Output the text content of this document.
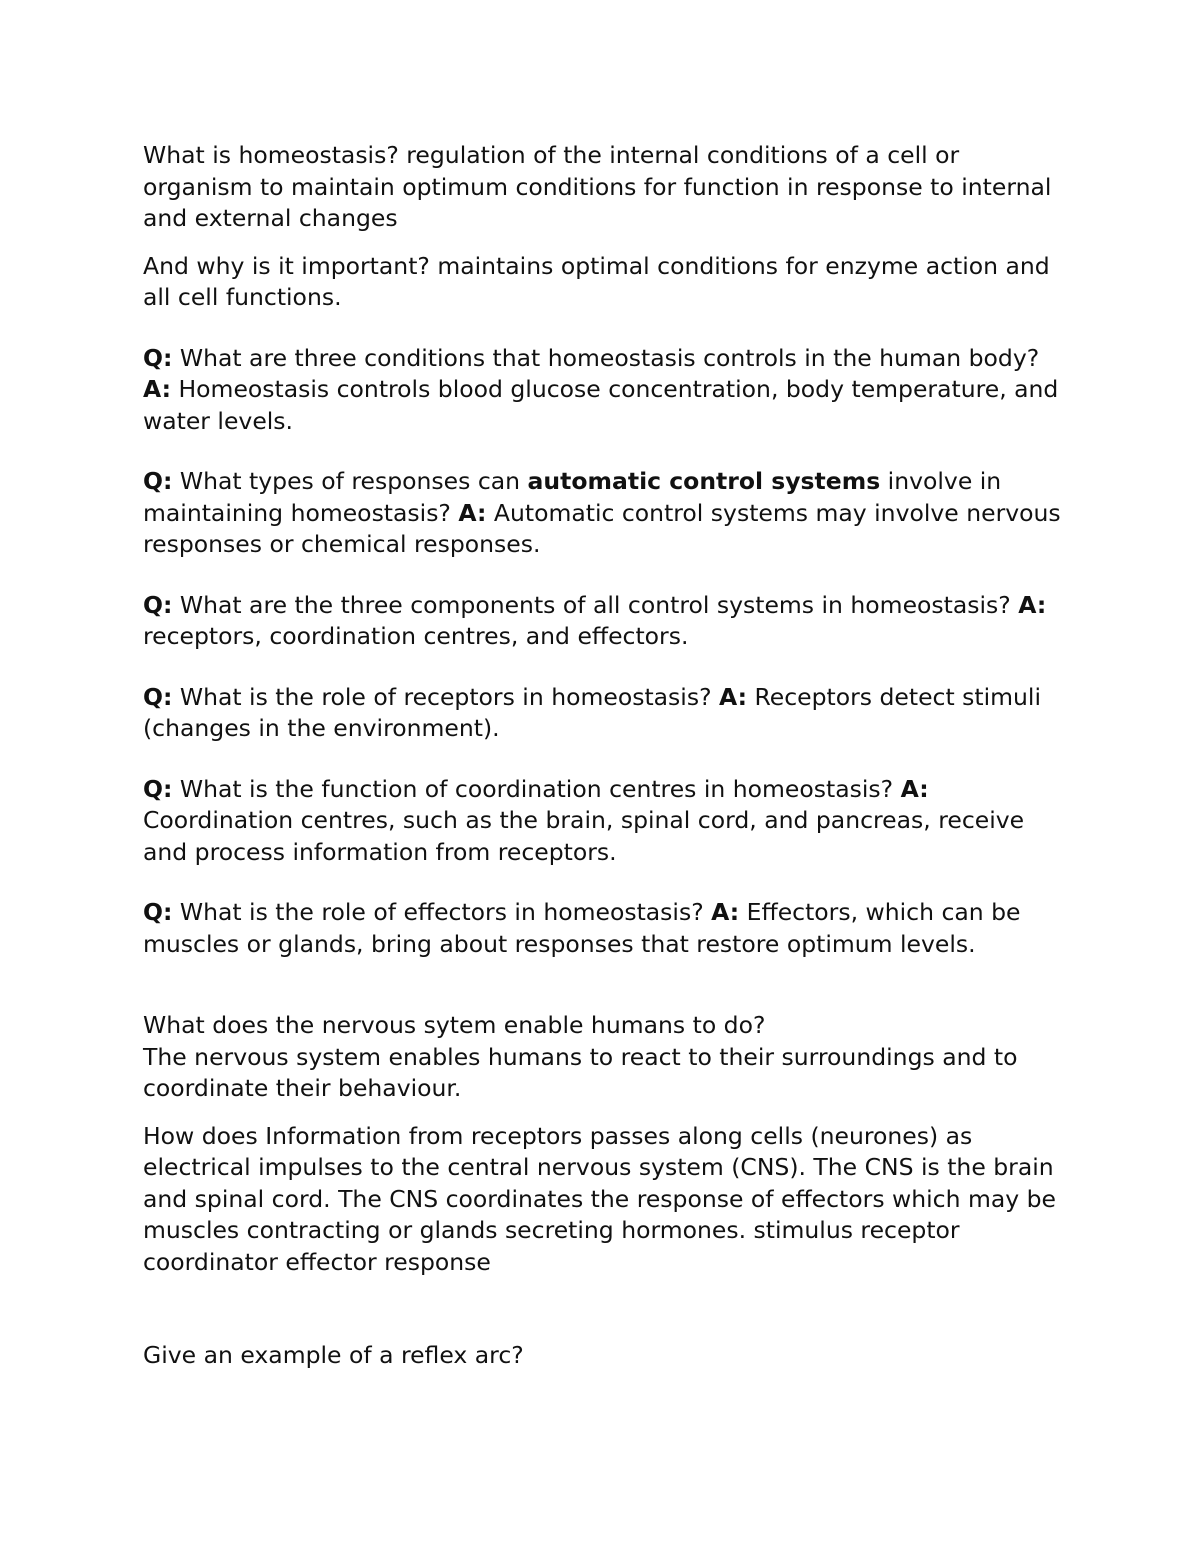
What is homeostasis? regulation of the internal conditions of a cell or organism to maintain optimum conditions for function in response to internal and external changes

And why is it important? maintains optimal conditions for enzyme action and all cell functions.

Q: What are three conditions that homeostasis controls in the human body?
A: Homeostasis controls blood glucose concentration, body temperature, and water levels.

Q: What types of responses can automatic control systems involve in maintaining homeostasis? A: Automatic control systems may involve nervous responses or chemical responses.

Q: What are the three components of all control systems in homeostasis? A: receptors, coordination centres, and effectors.

Q: What is the role of receptors in homeostasis? A: Receptors detect stimuli (changes in the environment).

Q: What is the function of coordination centres in homeostasis? A: Coordination centres, such as the brain, spinal cord, and pancreas, receive and process information from receptors.

Q: What is the role of effectors in homeostasis? A: Effectors, which can be muscles or glands, bring about responses that restore optimum levels.

What does the nervous sytem enable humans to do?

The nervous system enables humans to react to their surroundings and to coordinate their behaviour.

How does Information from receptors passes along cells (neurones) as electrical impulses to the central nervous system (CNS). The CNS is the brain and spinal cord. The CNS coordinates the response of effectors which may be muscles contracting or glands secreting hormones. stimulus receptor coordinator effector response

Give an example of a reflex arc?
